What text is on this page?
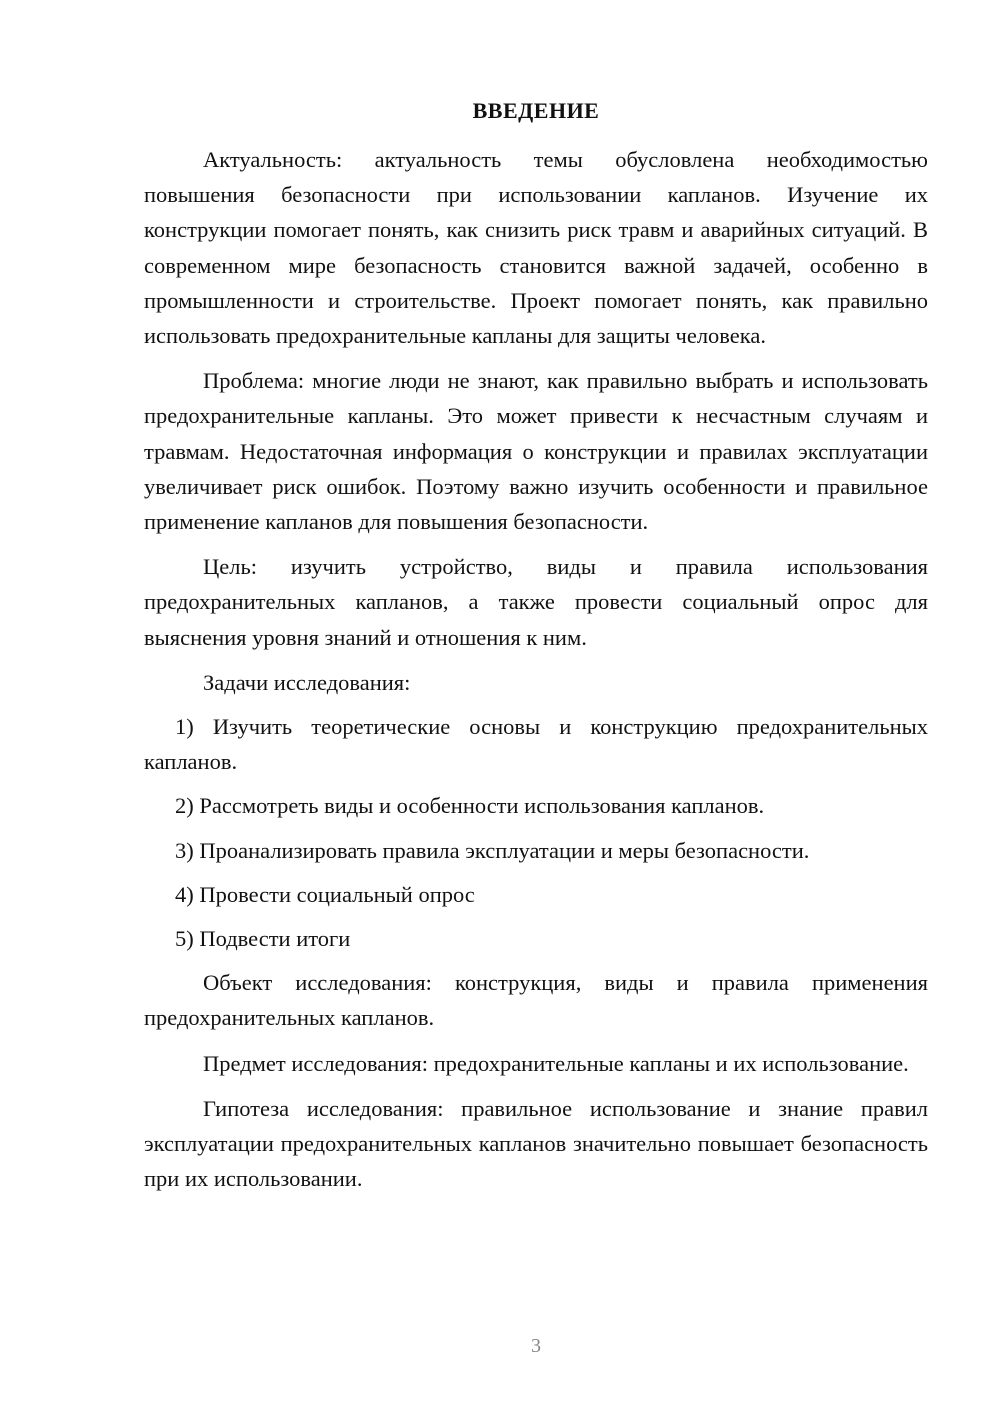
ВВЕДЕНИЕ

Актуальность: актуальность темы обусловлена необходимостью повышения безопасности при использовании капланов. Изучение их конструкции помогает понять, как снизить риск травм и аварийных ситуаций. В современном мире безопасность становится важной задачей, особенно в промышленности и строительстве. Проект помогает понять, как правильно использовать предохранительные капланы для защиты человека.

Проблема: многие люди не знают, как правильно выбрать и использовать предохранительные капланы. Это может привести к несчастным случаям и травмам. Недостаточная информация о конструкции и правилах эксплуатации увеличивает риск ошибок. Поэтому важно изучить особенности и правильное применение капланов для повышения безопасности.

Цель: изучить устройство, виды и правила использования предохранительных капланов, а также провести социальный опрос для выяснения уровня знаний и отношения к ним.

Задачи исследования:

1) Изучить теоретические основы и конструкцию предохранительных капланов.

2) Рассмотреть виды и особенности использования капланов.

3) Проанализировать правила эксплуатации и меры безопасности.

4) Провести социальный опрос

5) Подвести итоги

Объект исследования: конструкция, виды и правила применения предохранительных капланов.

Предмет исследования: предохранительные капланы и их использование.

Гипотеза исследования: правильное использование и знание правил эксплуатации предохранительных капланов значительно повышает безопасность при их использовании.

3
